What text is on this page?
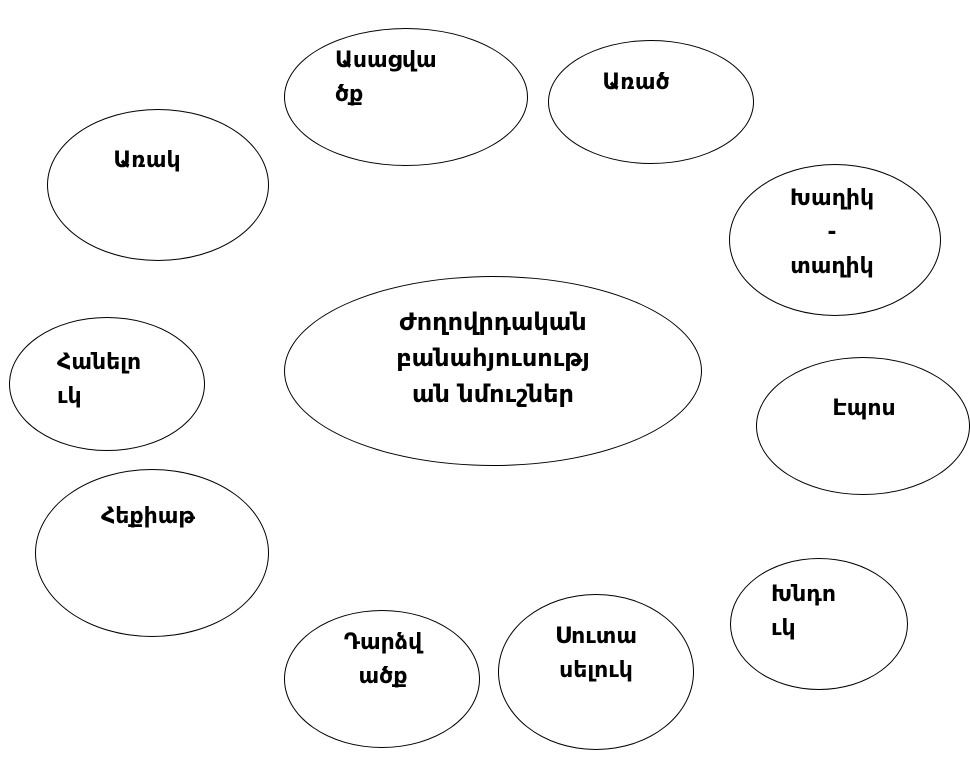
Ժողովրդական
բանահյուսությ
ան նմուշներ

Ասացվա
ծք	Առած

Առակ

Խաղիկ
-
տաղիկ

Հանելո
ւկ	Էպոս

Հեքիաթ

Խնդո
ւկ

Դարձվ
ածք

Սուտա
սելուկ
